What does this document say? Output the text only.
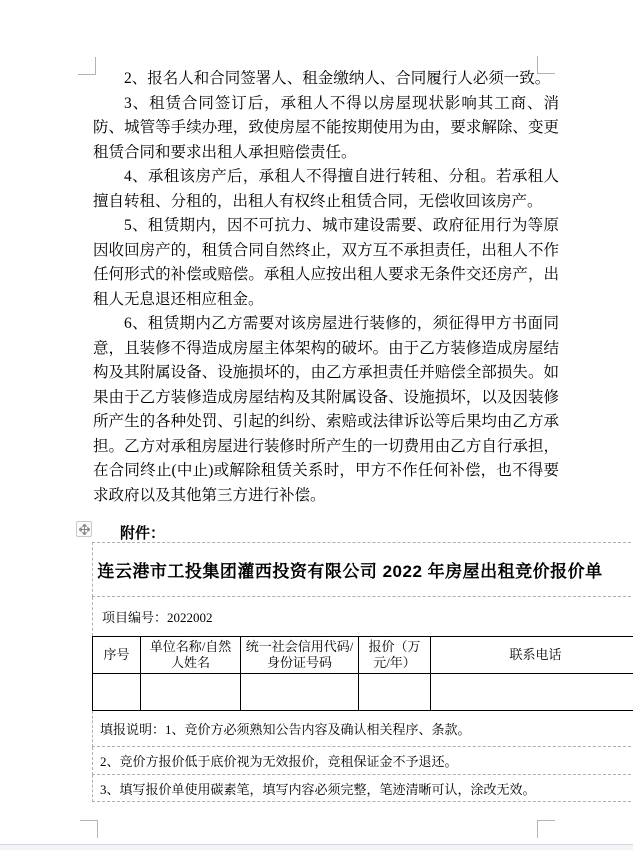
2、报名人和合同签署人、租金缴纳人、合同履行人必须一致。

3、租赁合同签订后，承租人不得以房屋现状影响其工商、消防、城管等手续办理，致使房屋不能按期使用为由，要求解除、变更租赁合同和要求出租人承担赔偿责任。

4、承租该房产后，承租人不得擅自进行转租、分租。若承租人擅自转租、分租的，出租人有权终止租赁合同，无偿收回该房产。

5、租赁期内，因不可抗力、城市建设需要、政府征用行为等原因收回房产的，租赁合同自然终止，双方互不承担责任，出租人不作任何形式的补偿或赔偿。承租人应按出租人要求无条件交还房产，出租人无息退还相应租金。

6、租赁期内乙方需要对该房屋进行装修的，须征得甲方书面同意，且装修不得造成房屋主体架构的破坏。由于乙方装修造成房屋结构及其附属设备、设施损坏的，由乙方承担责任并赔偿全部损失。如果由于乙方装修造成房屋结构及其附属设备、设施损坏，以及因装修所产生的各种处罚、引起的纠纷、索赔或法律诉讼等后果均由乙方承担。乙方对承租房屋进行装修时所产生的一切费用由乙方自行承担，在合同终止(中止)或解除租赁关系时，甲方不作任何补偿，也不得要求政府以及其他第三方进行补偿。

附件：
连云港市工投集团灌西投资有限公司 2022 年房屋出租竞价报价单
项目编号：2022002
序号
单位名称/自然人姓名
统一社会信用代码/身份证号码
报价（万元/年）
联系电话
填报说明：1、竞价方必须熟知公告内容及确认相关程序、条款。
2、竞价方报价低于底价视为无效报价，竞租保证金不予退还。
3、填写报价单使用碳素笔，填写内容必须完整，笔迹清晰可认，涂改无效。
